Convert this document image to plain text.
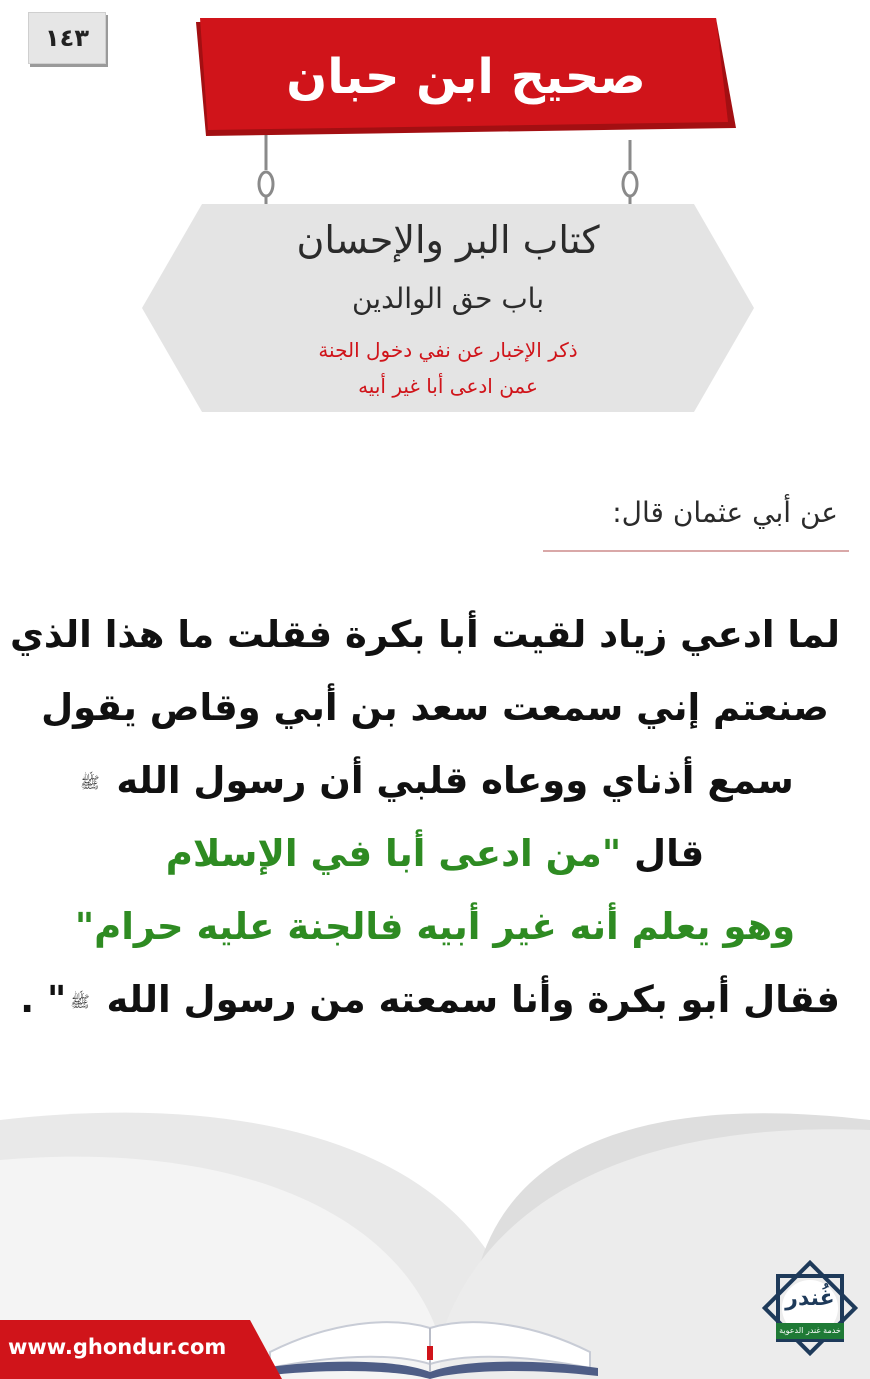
١٤٣
صحيح ابن حبان
كتاب البر والإحسان
باب حق الوالدين
ذكر الإخبار عن نفي دخول الجنة
عمن ادعى أبا غير أبيه
عن أبي عثمان قال:
لما ادعي زياد لقيت أبا بكرة فقلت ما هذا الذي
صنعتم إني سمعت سعد بن أبي وقاص يقول
سمع أذناي ووعاه قلبي أن رسول الله ﷺ
قال "من ادعى أبا في الإسلام
وهو يعلم أنه غير أبيه فالجنة عليه حرام"
فقال أبو بكرة وأنا سمعته من رسول الله ﷺ" .
www.ghondur.com
غُندر
خدمة غندر الدعوية
